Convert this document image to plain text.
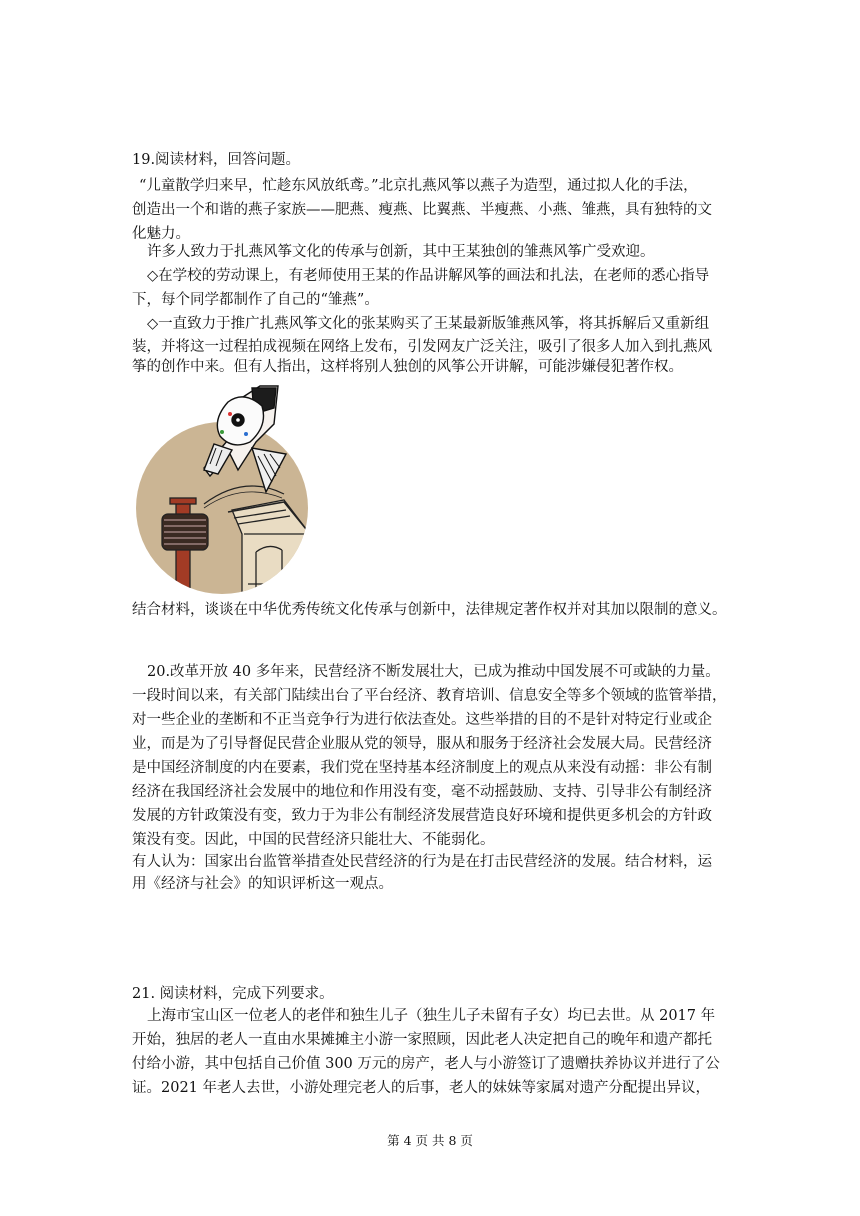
19.阅读材料，回答问题。
“儿童散学归来早，忙趁东风放纸鸢。”北京扎燕风筝以燕子为造型，通过拟人化的手法，
创造出一个和谐的燕子家族——肥燕、瘦燕、比翼燕、半瘦燕、小燕、雏燕，具有独特的文
化魅力。
许多人致力于扎燕风筝文化的传承与创新，其中王某独创的雏燕风筝广受欢迎。
◇在学校的劳动课上，有老师使用王某的作品讲解风筝的画法和扎法，在老师的悉心指导
下，每个同学都制作了自己的“雏燕”。
◇一直致力于推广扎燕风筝文化的张某购买了王某最新版雏燕风筝，将其拆解后又重新组
装，并将这一过程拍成视频在网络上发布，引发网友广泛关注，吸引了很多人加入到扎燕风
筝的创作中来。但有人指出，这样将别人独创的风筝公开讲解，可能涉嫌侵犯著作权。
结合材料，谈谈在中华优秀传统文化传承与创新中，法律规定著作权并对其加以限制的意义。
20.改革开放 40 多年来，民营经济不断发展壮大，已成为推动中国发展不可或缺的力量。
一段时间以来，有关部门陆续出台了平台经济、教育培训、信息安全等多个领域的监管举措，
对一些企业的垄断和不正当竞争行为进行依法查处。这些举措的目的不是针对特定行业或企
业，而是为了引导督促民营企业服从党的领导，服从和服务于经济社会发展大局。民营经济
是中国经济制度的内在要素，我们党在坚持基本经济制度上的观点从来没有动摇：非公有制
经济在我国经济社会发展中的地位和作用没有变，毫不动摇鼓励、支持、引导非公有制经济
发展的方针政策没有变，致力于为非公有制经济发展营造良好环境和提供更多机会的方针政
策没有变。因此，中国的民营经济只能壮大、不能弱化。
有人认为：国家出台监管举措查处民营经济的行为是在打击民营经济的发展。结合材料，运
用《经济与社会》的知识评析这一观点。
21. 阅读材料，完成下列要求。
上海市宝山区一位老人的老伴和独生儿子（独生儿子未留有子女）均已去世。从 2017 年
开始，独居的老人一直由水果摊摊主小游一家照顾，因此老人决定把自己的晚年和遗产都托
付给小游，其中包括自己价值 300 万元的房产，老人与小游签订了遗赠扶养协议并进行了公
证。2021 年老人去世，小游处理完老人的后事，老人的妹妹等家属对遗产分配提出异议，
第 4 页 共 8 页
